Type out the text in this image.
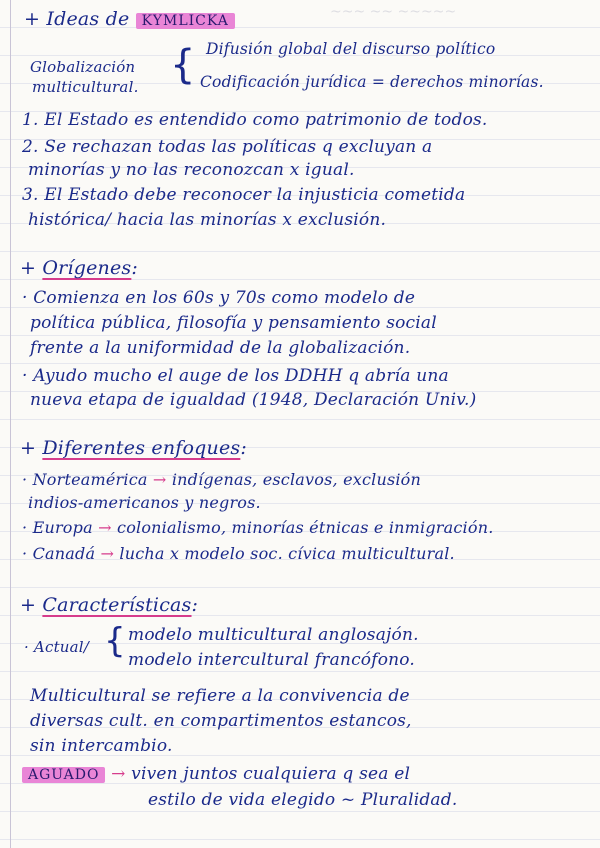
~~~ ~~ ~~~~~
+ Ideas de KYMLICKA
Globalización
multicultural. { Difusión global del discurso político
Codificación jurídica = derechos minorías.
1. El Estado es entendido como patrimonio de todos.
2. Se rechazan todas las políticas q excluyan a
minorías y no las reconozcan x igual.
3. El Estado debe reconocer la injusticia cometida
histórica/ hacia las minorías x exclusión.
+ Orígenes:
· Comienza en los 60s y 70s como modelo de
política pública, filosofía y pensamiento social
frente a la uniformidad de la globalización.
· Ayudo mucho el auge de los DDHH q abría una
nueva etapa de igualdad (1948, Declaración Univ.)
+ Diferentes enfoques:
· Norteamérica → indígenas, esclavos, exclusión
indios-americanos y negros.
· Europa → colonialismo, minorías étnicas e inmigración.
· Canadá → lucha x modelo soc. cívica multicultural.
+ Características:
· Actual/ { modelo multicultural anglosajón.
modelo intercultural francófono.
Multicultural se refiere a la convivencia de
diversas cult. en compartimentos estancos,
sin intercambio.
AGUADO → viven juntos cualquiera q sea el
estilo de vida elegido ~ Pluralidad.
